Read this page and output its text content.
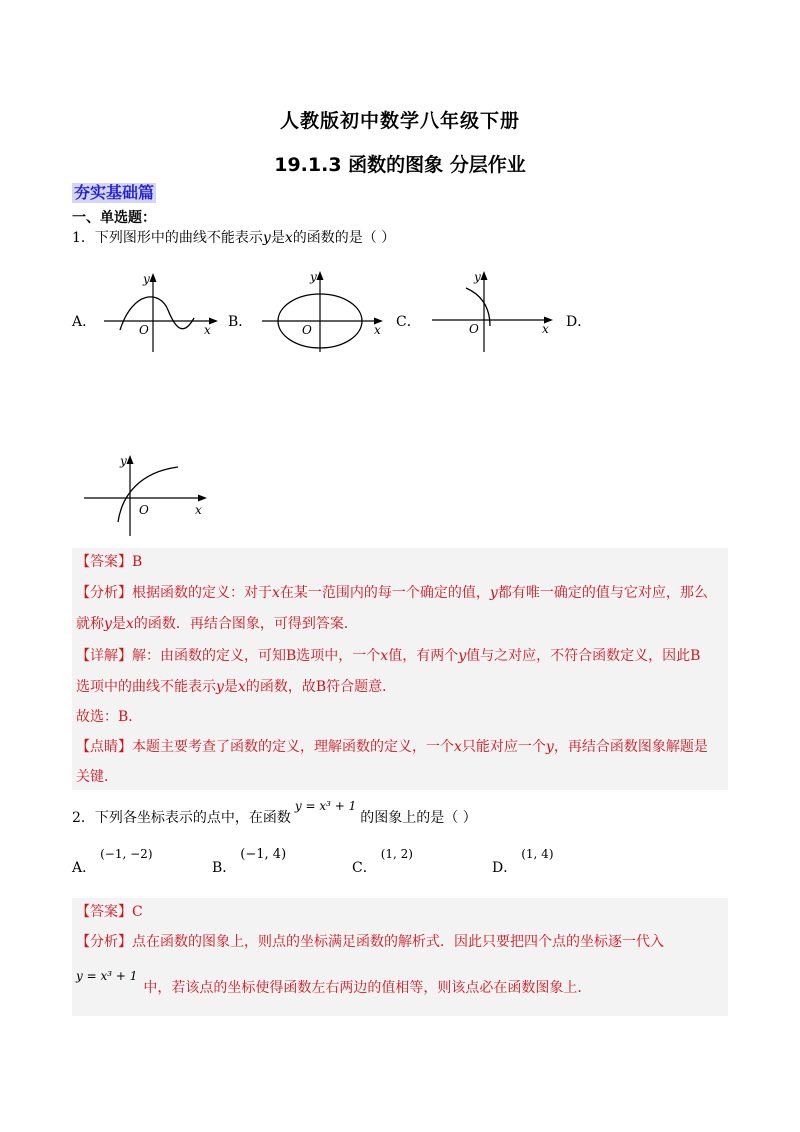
人教版初中数学八年级下册
19.1.3 函数的图象 分层作业
夯实基础篇
一、单选题：
1．下列图形中的曲线不能表示y是x的函数的是（ ）
A．	B．	C．	D．
y
O	x
y
O	x
y
O	x
y
O	x
【答案】B
【分析】根据函数的定义：对于x在某一范围内的每一个确定的值，y都有唯一确定的值与它对应，那么
就称y是x的函数．再结合图象，可得到答案．
【详解】解：由函数的定义，可知B选项中，一个x值，有两个y值与之对应，不符合函数定义，因此B
选项中的曲线不能表示y是x的函数，故B符合题意．
故选：B．
【点睛】本题主要考查了函数的定义，理解函数的定义，一个x只能对应一个y，再结合函数图象解题是
关键．
2．下列各坐标表示的点中，在函数y = x³ + 1的图象上的是（ ）
A．(−1, −2)
B．(−1, 4)
C．(1, 2)
D．(1, 4)
【答案】C
【分析】点在函数的图象上，则点的坐标满足函数的解析式．因此只要把四个点的坐标逐一代入
y = x³ + 1中，若该点的坐标使得函数左右两边的值相等，则该点必在函数图象上．
